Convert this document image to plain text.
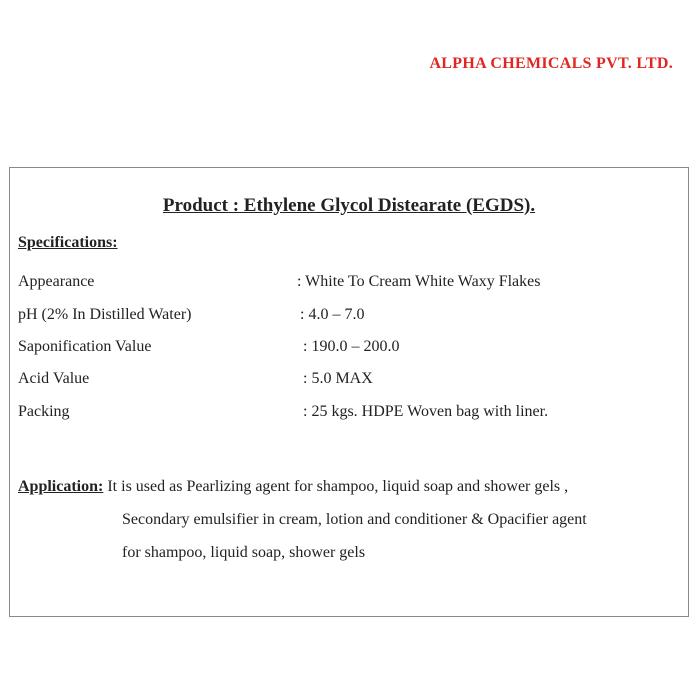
ALPHA CHEMICALS PVT. LTD.
Product : Ethylene Glycol Distearate (EGDS).
Specifications:
Appearance	: White To Cream White Waxy Flakes
pH (2% In Distilled Water)	: 4.0 – 7.0
Saponification Value	: 190.0 – 200.0
Acid Value	: 5.0 MAX
Packing	: 25 kgs. HDPE Woven bag with liner.
Application: It is used as Pearlizing agent for shampoo, liquid soap and shower gels ,
Secondary emulsifier in cream, lotion and conditioner & Opacifier agent
for shampoo, liquid soap, shower gels
